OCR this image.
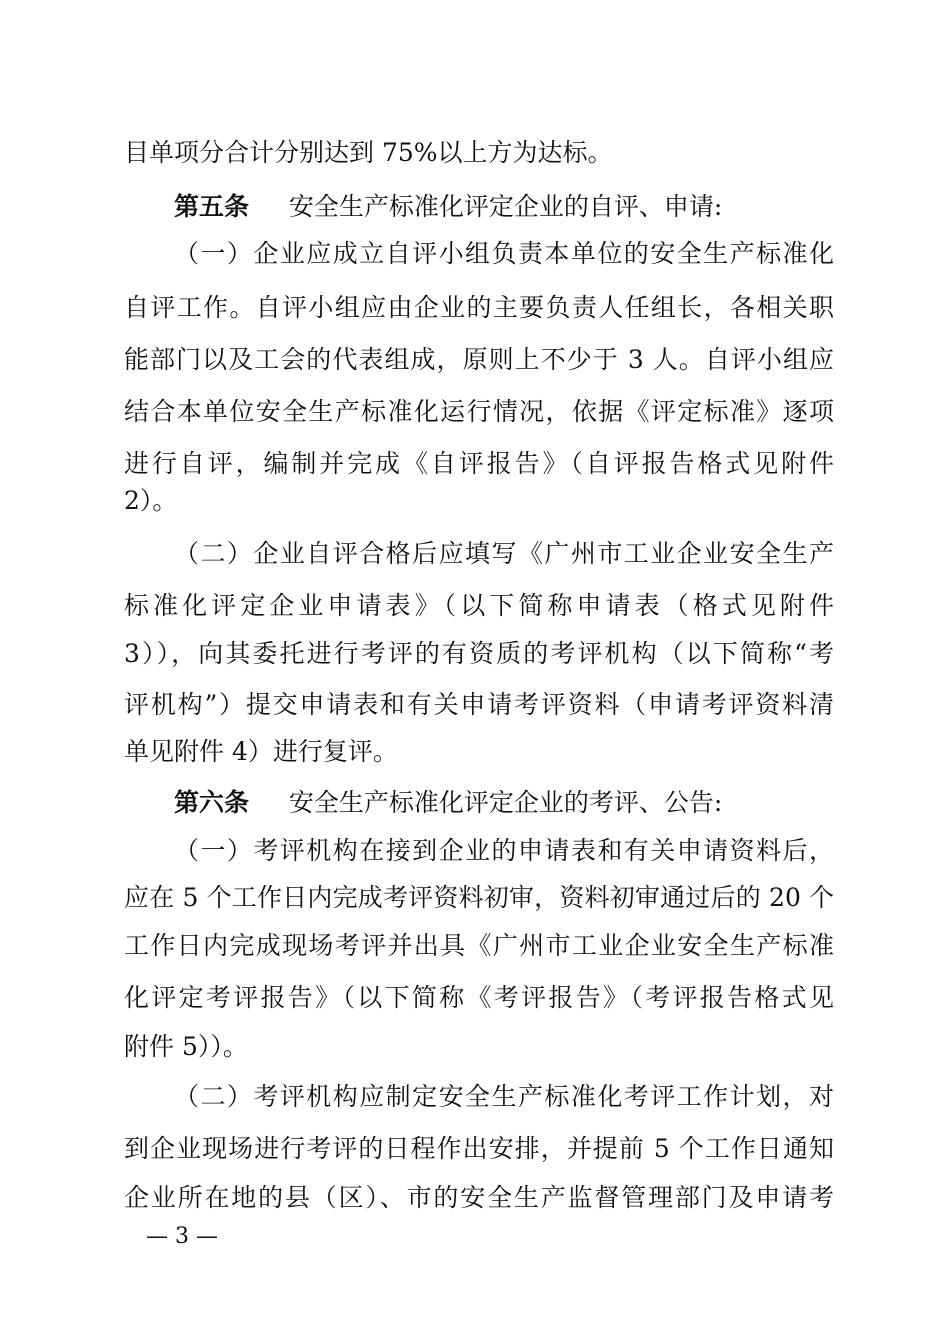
目单项分合计分别达到 75%以上方为达标。
第五条 安全生产标准化评定企业的自评、申请:
（一）企业应成立自评小组负责本单位的安全生产标准化
自评工作。自评小组应由企业的主要负责人任组长，各相关职
能部门以及工会的代表组成，原则上不少于 3 人。自评小组应
结合本单位安全生产标准化运行情况，依据《评定标准》逐项
进行自评，编制并完成《自评报告》（自评报告格式见附件
2）。
（二）企业自评合格后应填写《广州市工业企业安全生产
标准化评定企业申请表》（以下简称申请表（格式见附件
3）），向其委托进行考评的有资质的考评机构（以下简称“考
评机构”）提交申请表和有关申请考评资料（申请考评资料清
单见附件 4）进行复评。
第六条 安全生产标准化评定企业的考评、公告:
（一）考评机构在接到企业的申请表和有关申请资料后，
应在 5 个工作日内完成考评资料初审，资料初审通过后的 20 个
工作日内完成现场考评并出具《广州市工业企业安全生产标准
化评定考评报告》（以下简称《考评报告》（考评报告格式见
附件 5））。
（二）考评机构应制定安全生产标准化考评工作计划，对
到企业现场进行考评的日程作出安排，并提前 5 个工作日通知
企业所在地的县（区）、市的安全生产监督管理部门及申请考
— 3 —
